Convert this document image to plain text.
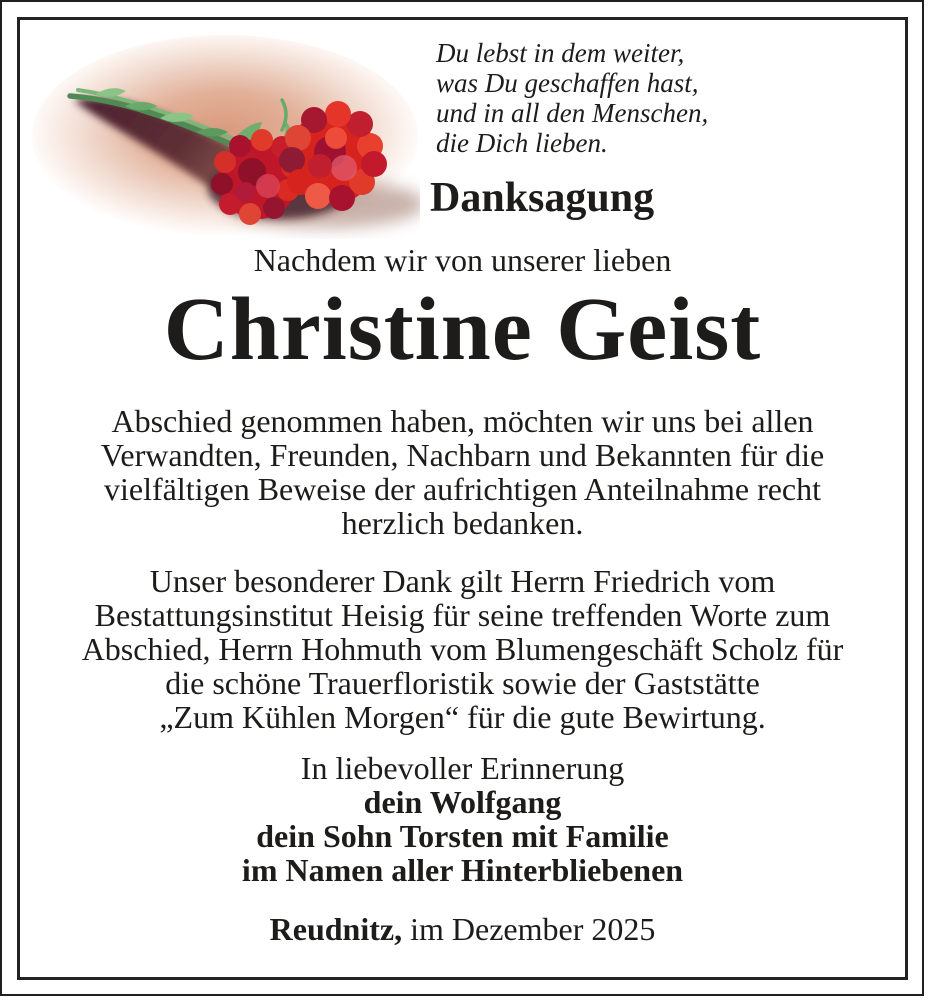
Du lebst in dem weiter,
was Du geschaffen hast,
und in all den Menschen,
die Dich lieben.
Danksagung

Nachdem wir von unserer lieben

Christine Geist
Abschied genommen haben, möchten wir uns bei allen
Verwandten, Freunden, Nachbarn und Bekannten für die
vielfältigen Beweise der aufrichtigen Anteilnahme recht
herzlich bedanken.
Unser besonderer Dank gilt Herrn Friedrich vom
Bestattungsinstitut Heisig für seine treffenden Worte zum
Abschied, Herrn Hohmuth vom Blumengeschäft Scholz für
die schöne Trauerfloristik sowie der Gaststätte
„Zum Kühlen Morgen“ für die gute Bewirtung.
In liebevoller Erinnerung
dein Wolfgang
dein Sohn Torsten mit Familie
im Namen aller Hinterbliebenen
Reudnitz, im Dezember 2025
